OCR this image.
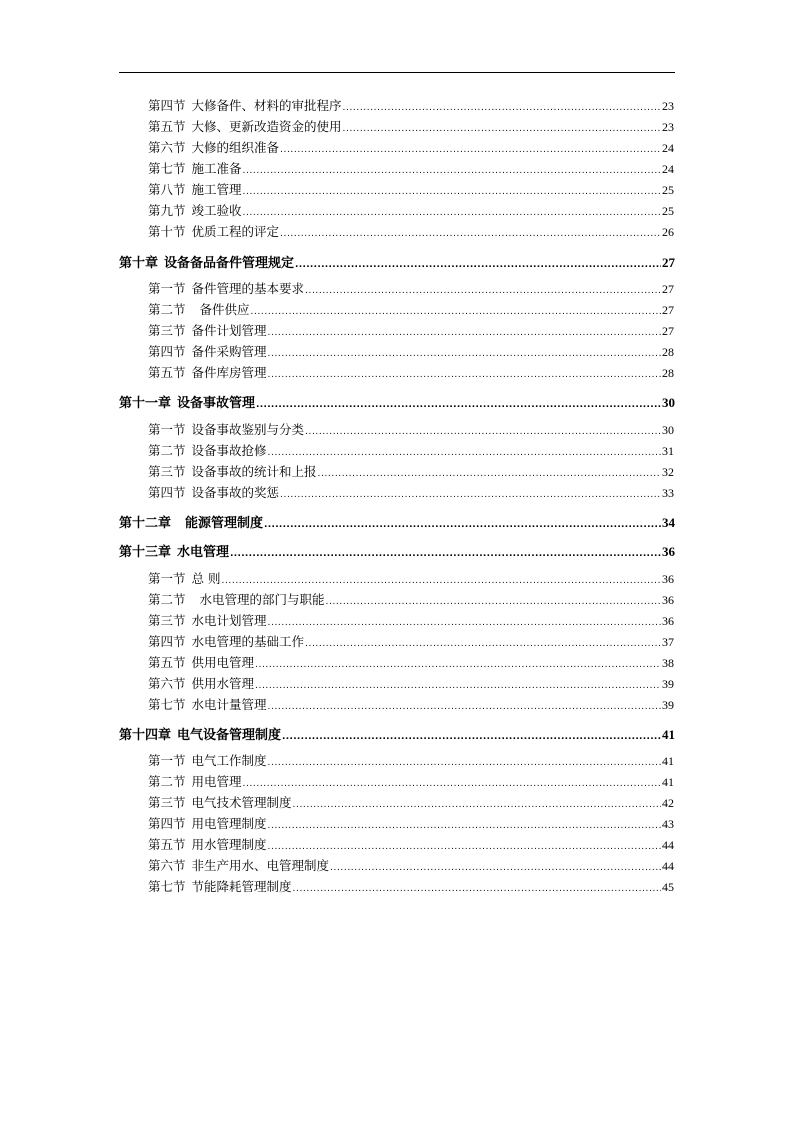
第四节 大修备件、材料的审批程序 .....	23
第五节 大修、更新改造资金的使用 .....	23
第六节 大修的组织准备 .....	24
第七节 施工准备 .....	24
第八节 施工管理 .....	25
第九节 竣工验收 .....	25
第十节 优质工程的评定 .....	26
第十章 设备备品备件管理规定 .....	27
第一节 备件管理的基本要求 .....	27
第二节 备件供应 .....	27
第三节 备件计划管理 .....	27
第四节 备件采购管理 .....	28
第五节 备件库房管理 .....	28
第十一章 设备事故管理 .....	30
第一节 设备事故鉴别与分类 .....	30
第二节 设备事故抢修 .....	31
第三节 设备事故的统计和上报 .....	32
第四节 设备事故的奖惩 .....	33
第十二章 能源管理制度 .....	34
第十三章 水电管理 .....	36
第一节 总 则 .....	36
第二节 水电管理的部门与职能 .....	36
第三节 水电计划管理 .....	36
第四节 水电管理的基础工作 .....	37
第五节 供用电管理 .....	38
第六节 供用水管理 .....	39
第七节 水电计量管理 .....	39
第十四章 电气设备管理制度 .....	41
第一节 电气工作制度 .....	41
第二节 用电管理 .....	41
第三节 电气技术管理制度 .....	42
第四节 用电管理制度 .....	43
第五节 用水管理制度 .....	44
第六节 非生产用水、电管理制度 .....	44
第七节 节能降耗管理制度 .....	45
